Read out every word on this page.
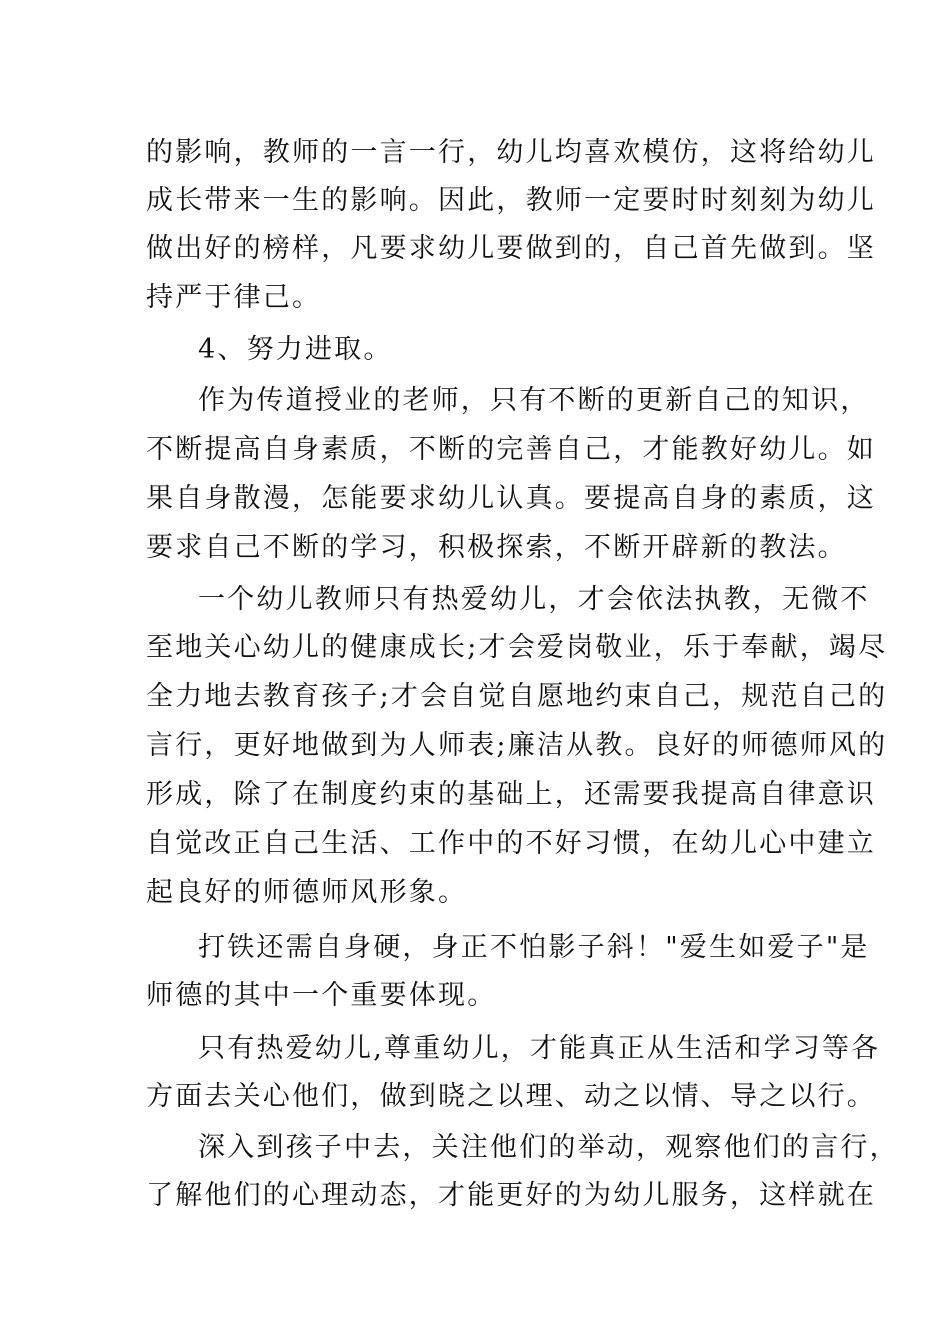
的影响，教师的一言一行，幼儿均喜欢模仿，这将给幼儿
成长带来一生的影响。因此，教师一定要时时刻刻为幼儿
做出好的榜样，凡要求幼儿要做到的，自己首先做到。坚
持严于律己。
4、努力进取。
作为传道授业的老师，只有不断的更新自己的知识，
不断提高自身素质，不断的完善自己，才能教好幼儿。如
果自身散漫，怎能要求幼儿认真。要提高自身的素质，这
要求自己不断的学习，积极探索，不断开辟新的教法。
一个幼儿教师只有热爱幼儿，才会依法执教，无微不
至地关心幼儿的健康成长;才会爱岗敬业，乐于奉献，竭尽
全力地去教育孩子;才会自觉自愿地约束自己，规范自己的
言行，更好地做到为人师表;廉洁从教。良好的师德师风的
形成，除了在制度约束的基础上，还需要我提高自律意识
自觉改正自己生活、工作中的不好习惯，在幼儿心中建立
起良好的师德师风形象。
打铁还需自身硬，身正不怕影子斜！"爱生如爱子"是
师德的其中一个重要体现。
只有热爱幼儿,尊重幼儿，才能真正从生活和学习等各
方面去关心他们，做到晓之以理、动之以情、导之以行。
深入到孩子中去，关注他们的举动，观察他们的言行，
了解他们的心理动态，才能更好的为幼儿服务，这样就在
